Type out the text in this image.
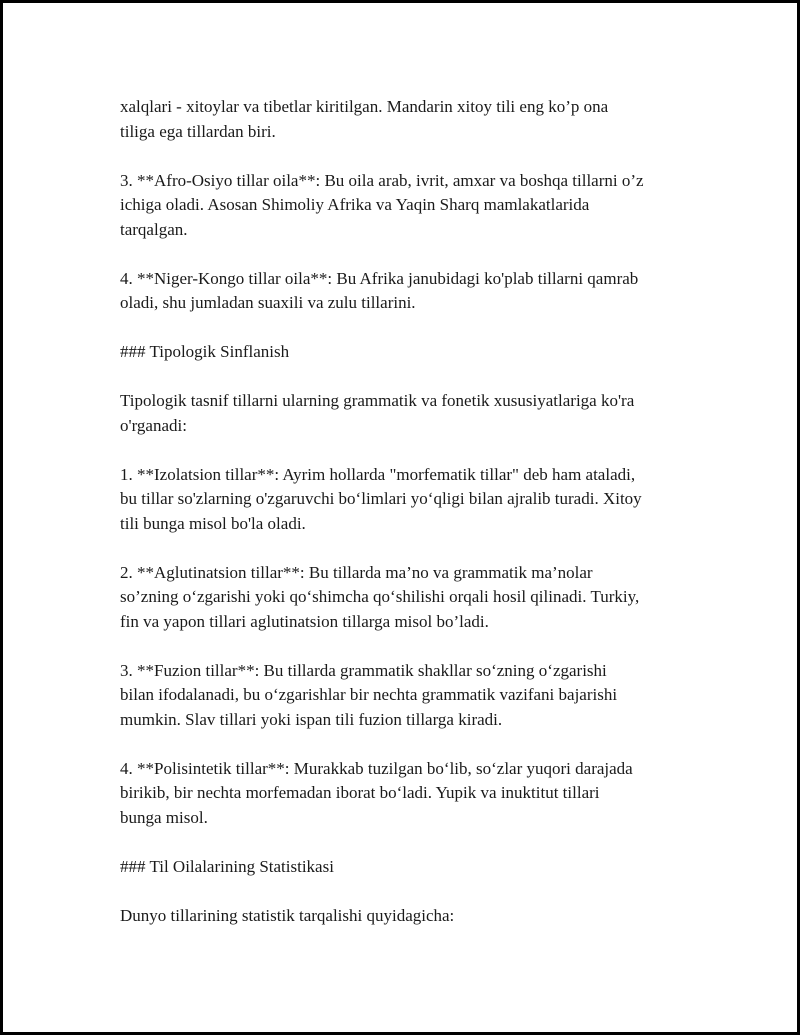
xalqlari - xitoylar va tibetlar kiritilgan. Mandarin xitoy tili eng ko’p ona
tiliga ega tillardan biri.

3. **Afro-Osiyo tillar oila**: Bu oila arab, ivrit, amxar va boshqa tillarni o’z
ichiga oladi. Asosan Shimoliy Afrika va Yaqin Sharq mamlakatlarida
tarqalgan.

4. **Niger-Kongo tillar oila**: Bu Afrika janubidagi ko'plab tillarni qamrab
oladi, shu jumladan suaxili va zulu tillarini.

### Tipologik Sinflanish

Tipologik tasnif tillarni ularning grammatik va fonetik xususiyatlariga ko'ra
o'rganadi:

1. **Izolatsion tillar**: Ayrim hollarda "morfematik tillar" deb ham ataladi,
bu tillar so'zlarning o'zgaruvchi bo‘limlari yo‘qligi bilan ajralib turadi. Xitoy
tili bunga misol bo'la oladi.

2. **Aglutinatsion tillar**: Bu tillarda ma’no va grammatik ma’nolar
so’zning o‘zgarishi yoki qo‘shimcha qo‘shilishi orqali hosil qilinadi. Turkiy,
fin va yapon tillari aglutinatsion tillarga misol bo’ladi.

3. **Fuzion tillar**: Bu tillarda grammatik shakllar so‘zning o‘zgarishi
bilan ifodalanadi, bu o‘zgarishlar bir nechta grammatik vazifani bajarishi
mumkin. Slav tillari yoki ispan tili fuzion tillarga kiradi.

4. **Polisintetik tillar**: Murakkab tuzilgan bo‘lib, so‘zlar yuqori darajada
birikib, bir nechta morfemadan iborat bo‘ladi. Yupik va inuktitut tillari
bunga misol.

### Til Oilalarining Statistikasi

Dunyo tillarining statistik tarqalishi quyidagicha:
